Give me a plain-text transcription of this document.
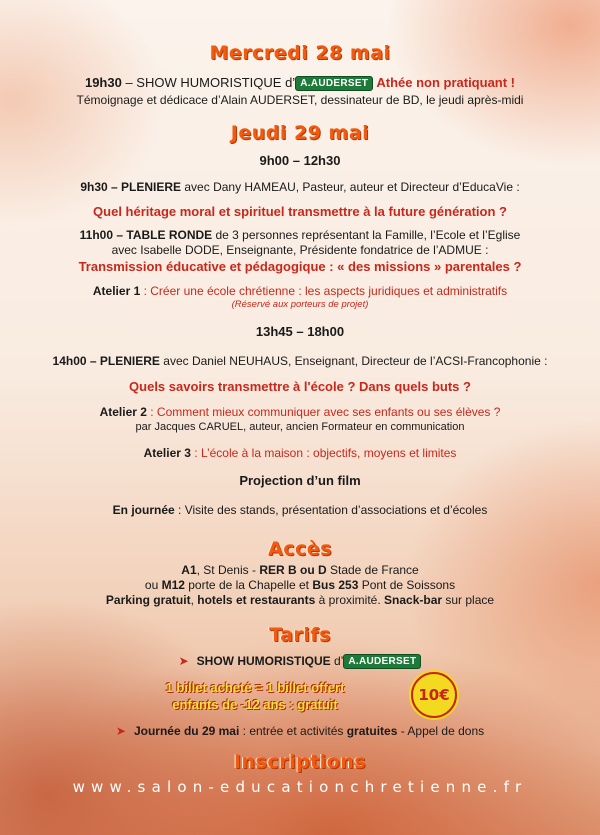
Mercredi 28 mai
19h30 – SHOW HUMORISTIQUE d’ A.AUDERSET Athée non pratiquant !
Témoignage et dédicace d’Alain AUDERSET, dessinateur de BD, le jeudi après-midi
Jeudi 29 mai
9h00 – 12h30
9h30 – PLENIERE avec Dany HAMEAU, Pasteur, auteur et Directeur d’EducaVie :
Quel héritage moral et spirituel transmettre à la future génération ?
11h00 – TABLE RONDE de 3 personnes représentant la Famille, l’Ecole et l’Eglise
avec Isabelle DODE, Enseignante, Présidente fondatrice de l’ADMUE :
Transmission éducative et pédagogique : « des missions » parentales ?
Atelier 1 : Créer une école chrétienne : les aspects juridiques et administratifs
(Réservé aux porteurs de projet)
13h45 – 18h00
14h00 – PLENIERE avec Daniel NEUHAUS, Enseignant, Directeur de l’ACSI-Francophonie :
Quels savoirs transmettre à l'école ? Dans quels buts ?
Atelier 2 : Comment mieux communiquer avec ses enfants ou ses élèves ?
par Jacques CARUEL, auteur, ancien Formateur en communication
Atelier 3 : L’école à la maison : objectifs, moyens et limites
Projection d’un film
En journée : Visite des stands, présentation d’associations et d’écoles
Accès
A1, St Denis - RER B ou D Stade de France
ou M12 porte de la Chapelle et Bus 253 Pont de Soissons
Parking gratuit, hotels et restaurants à proximité. Snack-bar sur place
Tarifs
➤ SHOW HUMORISTIQUE d’ A.AUDERSET
1 billet acheté = 1 billet offert
enfants de -12 ans : gratuit
10€
➤ Journée du 29 mai : entrée et activités gratuites - Appel de dons
Inscriptions
www.salon-educationchretienne.fr
